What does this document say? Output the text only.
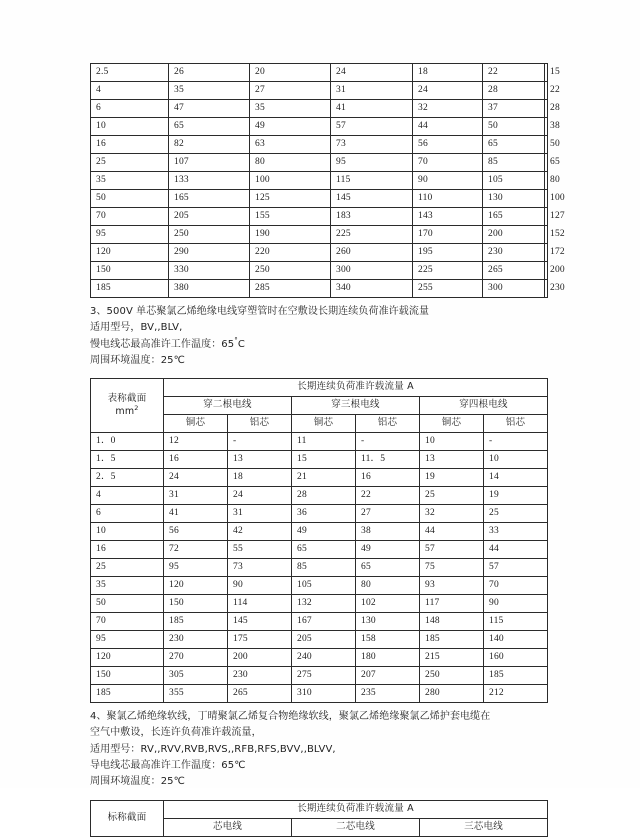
2.5	26	20	24	18	22	15
4	35	27	31	24	28	22
6	47	35	41	32	37	28
10	65	49	57	44	50	38
16	82	63	73	56	65	50
25	107	80	95	70	85	65
35	133	100	115	90	105	80
50	165	125	145	110	130	100
70	205	155	183	143	165	127
95	250	190	225	170	200	152
120	290	220	260	195	230	172
150	330	250	300	225	265	200
185	380	285	340	255	300	230
3、500V 单芯聚氯乙烯绝缘电线穿塑管时在空敷设长期连续负荷准许载流量
适用型号，BV,,BLV,
慢电线芯最高准许工作温度：65°C
周围环境温度：25℃
表称截面
$mm^2$	长期连续负荷准许载流量 A					
	穿二根电线		穿三根电线		穿四根电线	
	铜芯	铝芯	铜芯	铝芯	铜芯	铝芯
1．0	12	-	11	-	10	-
1．5	16	13	15	11．5	13	10
2．5	24	18	21	16	19	14
4	31	24	28	22	25	19
6	41	31	36	27	32	25
10	56	42	49	38	44	33
16	72	55	65	49	57	44
25	95	73	85	65	75	57
35	120	90	105	80	93	70
50	150	114	132	102	117	90
70	185	145	167	130	148	115
95	230	175	205	158	185	140
120	270	200	240	180	215	160
150	305	230	275	207	250	185
185	355	265	310	235	280	212
4、聚氯乙烯绝缘软线，丁晴聚氯乙烯复合物绝缘软线，聚氯乙烯绝缘聚氯乙烯护套电缆在
空气中敷设，长连许负荷准许载流量，
适用型号：RV,,RVV,RVB,RVS,,RFB,RFS,BVV,,BLVV,
导电线芯最高准许工作温度：65℃
周围环境温度：25℃
标称截面	长期连续负荷准许载流量 A		
	芯电线	二芯电线	三芯电线
